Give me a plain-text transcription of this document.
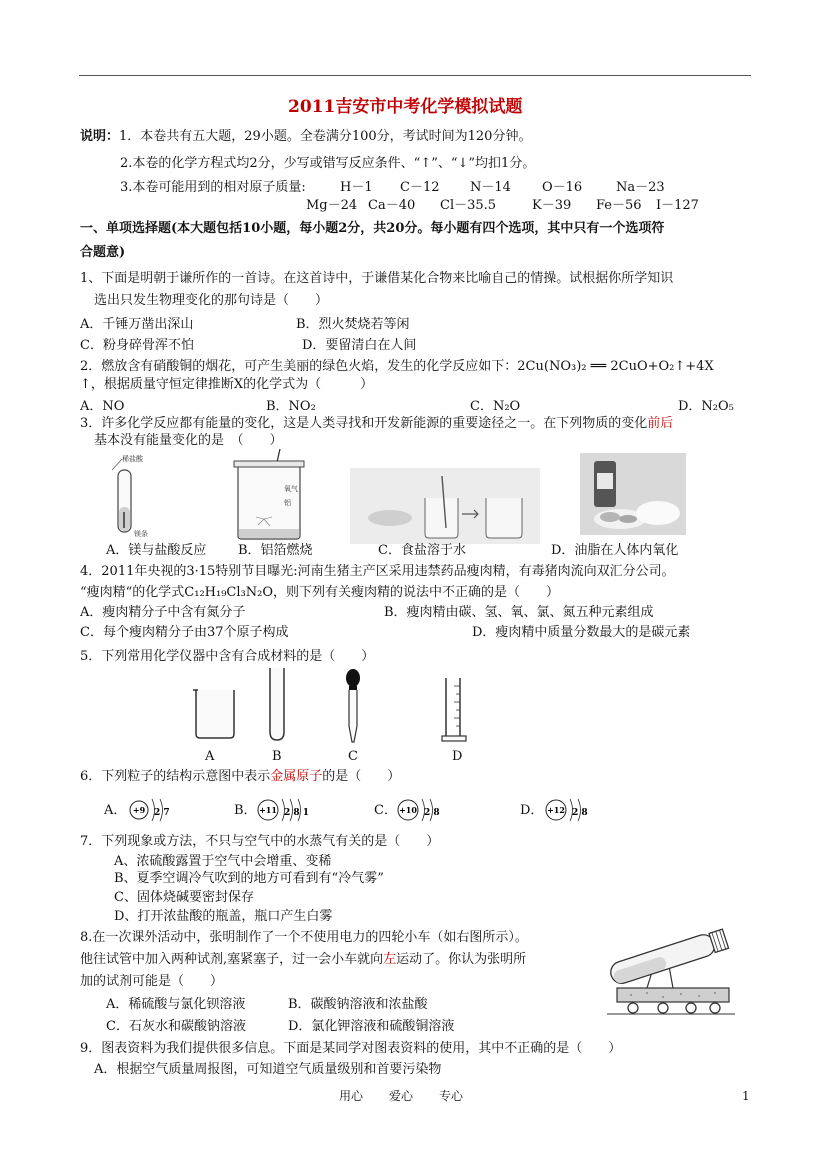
2011吉安市中考化学模拟试题
说明：1．本卷共有五大题，29小题。全卷满分100分，考试时间为120分钟。
2.本卷的化学方程式均2分，少写或错写反应条件、“↑”、“↓”均扣1分。
3.本卷可能用到的相对原子质量:	H－1 C－12 N－14 O－16	Na－23
Mg－24 Ca－40 Cl－35.5	K－39 Fe－56 I－127
一、单项选择题(本大题包括10小题，每小题2分，共20分。每小题有四个选项，其中只有一个选项符
合题意)
1、下面是明朝于谦所作的一首诗。在这首诗中，于谦借某化合物来比喻自己的情操。试根据你所学知识
选出只发生物理变化的那句诗是（　　）
A．千锤万凿出深山	B．烈火焚烧若等闲
C．粉身碎骨浑不怕	D．要留清白在人间
2．燃放含有硝酸铜的烟花，可产生美丽的绿色火焰，发生的化学反应如下：2Cu(NO₃)₂ ══ 2CuO+O₂↑+4X
↑，根据质量守恒定律推断X的化学式为（　　　）
A．NO	B．NO₂	C．N₂O	D．N₂O₅
3．许多化学反应都有能量的变化，这是人类寻找和开发新能源的重要途径之一。在下列物质的变化前后
基本没有能量变化的是　（　　）
稀盐酸
镁条
氧气
铝
A．镁与盐酸反应 B．铝箔燃烧	C．食盐溶于水	D．油脂在人体内氧化
4．2011年央视的3·15特别节目曝光:河南生猪主产区采用违禁药品瘦肉精，有毒猪肉流向双汇分公司。
“瘦肉精“的化学式C₁₂H₁₉Cl₃N₂O，则下列有关瘦肉精的说法中不正确的是（　　）
A．瘦肉精分子中含有氮分子	B．瘦肉精由碳、氢、氧、氯、氮五种元素组成
C．每个瘦肉精分子由37个原子构成	D．瘦肉精中质量分数最大的是碳元素
5．下列常用化学仪器中含有合成材料的是（　　）
A	B	C	D
6．下列粒子的结构示意图中表示金属原子的是（　　）
A． +9 2 7	B． +11 2 8 1	C． +10 2 8	D． +12 2 8
7．下列现象或方法，不只与空气中的水蒸气有关的是（　　）
A、浓硫酸露置于空气中会增重、变稀
B、夏季空调冷气吹到的地方可看到有“冷气雾”
C、固体烧碱要密封保存
D、打开浓盐酸的瓶盖，瓶口产生白雾
8.在一次课外活动中，张明制作了一个不使用电力的四轮小车（如右图所示）。
他往试管中加入两种试剂,塞紧塞子，过一会小车就向左运动了。你认为张明所
加的试剂可能是（　　）
A．稀硫酸与氯化钡溶液	B．碳酸钠溶液和浓盐酸
C．石灰水和碳酸钠溶液	D．氯化钾溶液和硫酸铜溶液
9．图表资料为我们提供很多信息。下面是某同学对图表资料的使用，其中不正确的是（　　）
A．根据空气质量周报图，可知道空气质量级别和首要污染物
用心 爱心 专心	1
